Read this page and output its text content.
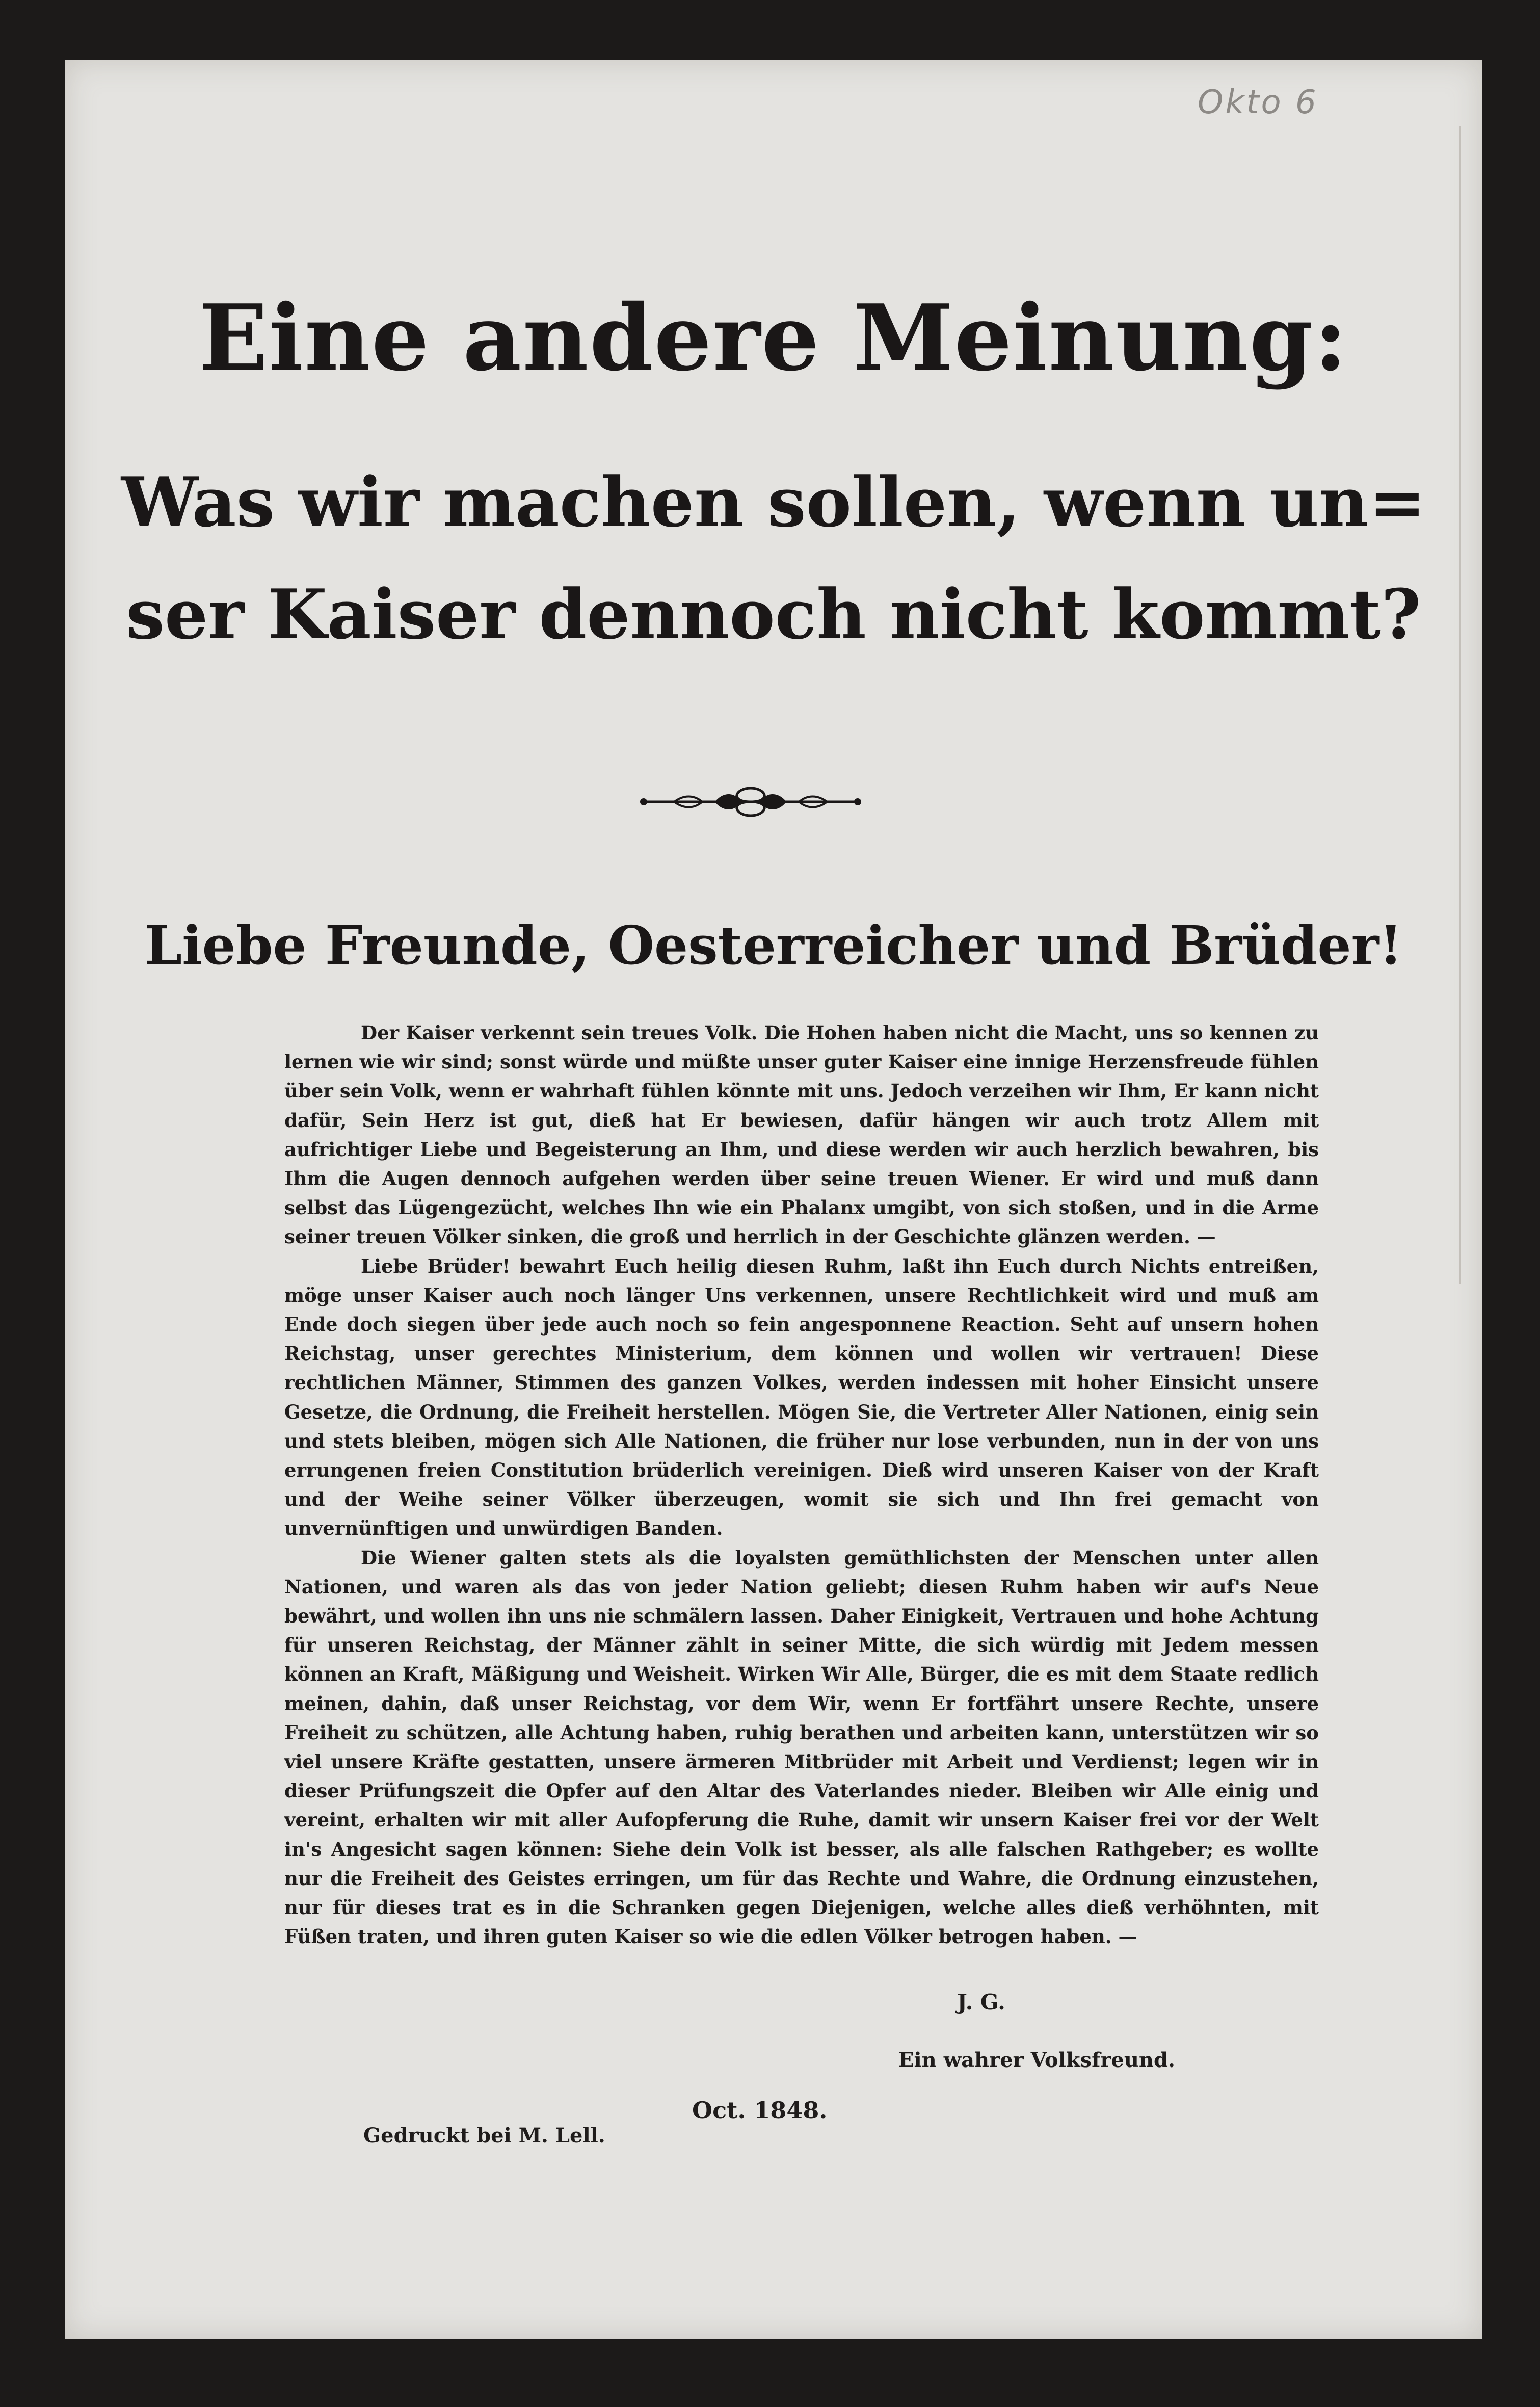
Okto 6
Eine andere Meinung:
Was wir machen sollen, wenn un=
ser Kaiser dennoch nicht kommt?
Liebe Freunde, Oesterreicher und Brüder!

Der Kaiser verkennt sein treues Volk. Die Hohen haben nicht die Macht, uns so kennen zu lernen wie wir sind; sonst würde und müßte unser guter Kaiser eine innige Herzensfreude fühlen über sein Volk, wenn er wahrhaft fühlen könnte mit uns. Jedoch verzeihen wir Ihm, Er kann nicht dafür, Sein Herz ist gut, dieß hat Er bewiesen, dafür hängen wir auch trotz Allem mit aufrichtiger Liebe und Begeisterung an Ihm, und diese werden wir auch herzlich bewahren, bis Ihm die Augen dennoch aufgehen werden über seine treuen Wiener. Er wird und muß dann selbst das Lügengezücht, welches Ihn wie ein Phalanx umgibt, von sich stoßen, und in die Arme seiner treuen Völker sinken, die groß und herrlich in der Geschichte glänzen werden. —

Liebe Brüder! bewahrt Euch heilig diesen Ruhm, laßt ihn Euch durch Nichts entreißen, möge unser Kaiser auch noch länger Uns verkennen, unsere Rechtlichkeit wird und muß am Ende doch siegen über jede auch noch so fein angesponnene Reaction. Seht auf unsern hohen Reichstag, unser gerechtes Ministerium, dem können und wollen wir vertrauen! Diese rechtlichen Männer, Stimmen des ganzen Volkes, werden indessen mit hoher Einsicht unsere Gesetze, die Ordnung, die Freiheit herstellen. Mögen Sie, die Vertreter Aller Nationen, einig sein und stets bleiben, mögen sich Alle Nationen, die früher nur lose verbunden, nun in der von uns errungenen freien Constitution brüderlich vereinigen. Dieß wird unseren Kaiser von der Kraft und der Weihe seiner Völker überzeugen, womit sie sich und Ihn frei gemacht von unvernünftigen und unwürdigen Banden.

Die Wiener galten stets als die loyalsten gemüthlichsten der Menschen unter allen Nationen, und waren als das von jeder Nation geliebt; diesen Ruhm haben wir auf's Neue bewährt, und wollen ihn uns nie schmälern lassen. Daher Einigkeit, Vertrauen und hohe Achtung für unseren Reichstag, der Männer zählt in seiner Mitte, die sich würdig mit Jedem messen können an Kraft, Mäßigung und Weisheit. Wirken Wir Alle, Bürger, die es mit dem Staate redlich meinen, dahin, daß unser Reichstag, vor dem Wir, wenn Er fortfährt unsere Rechte, unsere Freiheit zu schützen, alle Achtung haben, ruhig berathen und arbeiten kann, unterstützen wir so viel unsere Kräfte gestatten, unsere ärmeren Mitbrüder mit Arbeit und Verdienst; legen wir in dieser Prüfungszeit die Opfer auf den Altar des Vaterlandes nieder. Bleiben wir Alle einig und vereint, erhalten wir mit aller Aufopferung die Ruhe, damit wir unsern Kaiser frei vor der Welt in's Angesicht sagen können: Siehe dein Volk ist besser, als alle falschen Rathgeber; es wollte nur die Freiheit des Geistes erringen, um für das Rechte und Wahre, die Ordnung einzustehen, nur für dieses trat es in die Schranken gegen Diejenigen, welche alles dieß verhöhnten, mit Füßen traten, und ihren guten Kaiser so wie die edlen Völker betrogen haben. —

J. G.
Ein wahrer Volksfreund.
Oct. 1848.
Gedruckt bei M. Lell.
